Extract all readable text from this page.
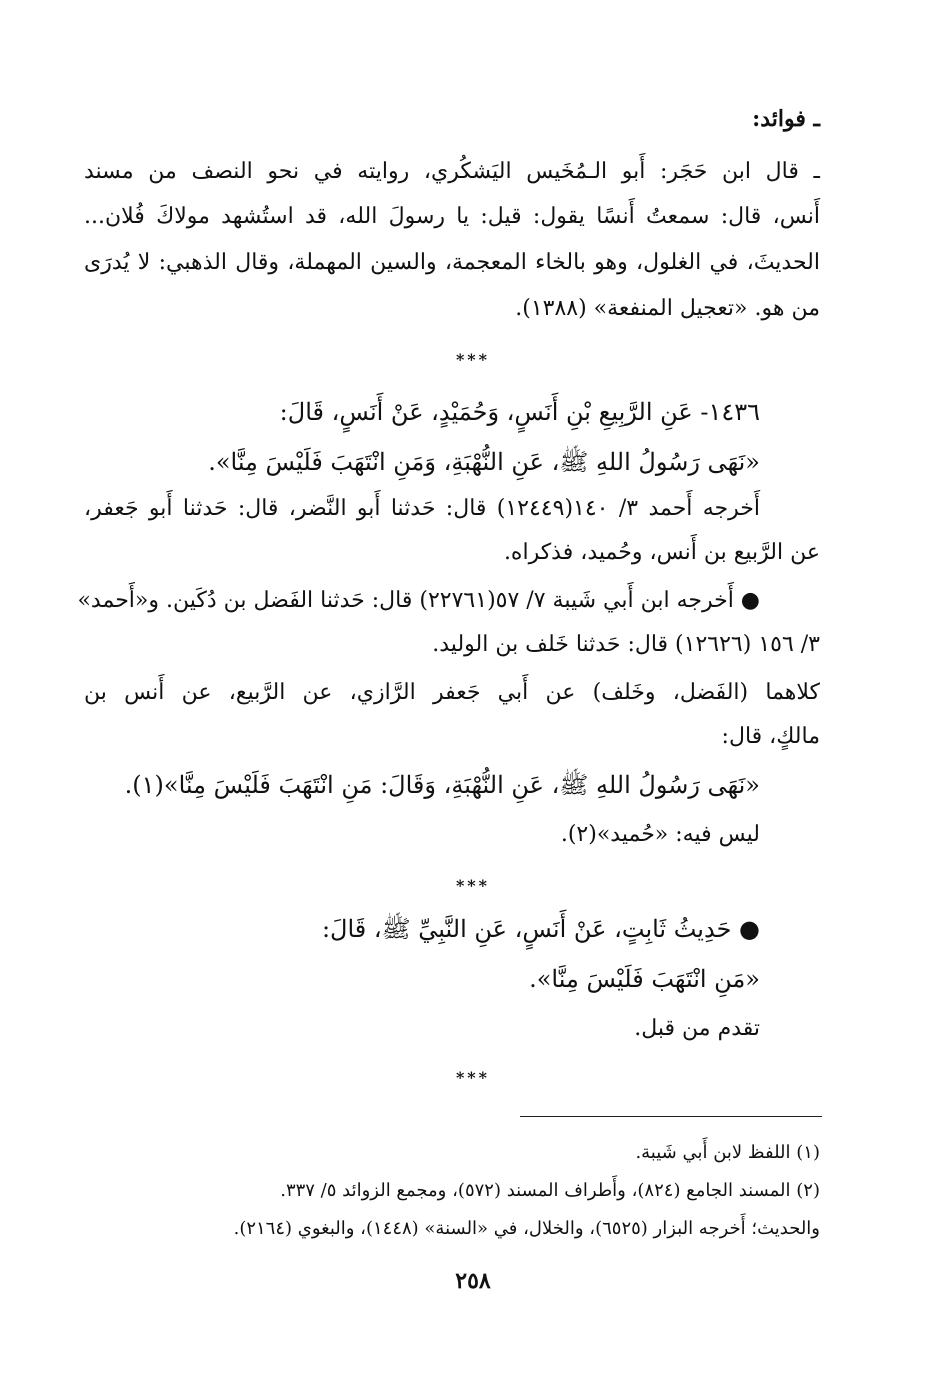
ـ فوائد:
ـ قال ابن حَجَر: أَبو الـمُخَيس اليَشكُري، روايته في نحو النصف من مسند
أَنس، قال: سمعتُ أَنسًا يقول: قيل: يا رسولَ الله، قد استُشهد مولاكَ فُلان...
الحديثَ، في الغلول، وهو بالخاء المعجمة، والسين المهملة، وقال الذهبي: لا يُدرَى
من هو. «تعجيل المنفعة» (١٣٨٨).
***
١٤٣٦- عَنِ الرَّبِيعِ بْنِ أَنَسٍ، وَحُمَيْدٍ، عَنْ أَنَسٍ، قَالَ:
«نَهَى رَسُولُ اللهِ ﷺ، عَنِ النُّهْبَةِ، وَمَنِ انْتَهَبَ فَلَيْسَ مِنَّا».
أَخرجه أَحمد ٣/ ١٤٠(١٢٤٤٩) قال: حَدثنا أَبو النَّضر، قال: حَدثنا أَبو جَعفر،
عن الرَّبيع بن أَنس، وحُميد، فذكراه.
● أَخرجه ابن أَبي شَيبة ٧/ ٥٧(٢٢٧٦١) قال: حَدثنا الفَضل بن دُكَين. و«أَحمد»
٣/ ١٥٦ (١٢٦٢٦) قال: حَدثنا خَلف بن الوليد.
كلاهما (الفَضل، وخَلف) عن أَبي جَعفر الرَّازي، عن الرَّبيع، عن أَنس بن
مالكٍ، قال:
«نَهَى رَسُولُ اللهِ ﷺ، عَنِ النُّهْبَةِ، وَقَالَ: مَنِ انْتَهَبَ فَلَيْسَ مِنَّا»(١).
ليس فيه: «حُميد»(٢).
***
● حَدِيثُ ثَابِتٍ، عَنْ أَنَسٍ، عَنِ النَّبِيِّ ﷺ، قَالَ:
«مَنِ انْتَهَبَ فَلَيْسَ مِنَّا».
تقدم من قبل.
***
(١) اللفظ لابن أَبي شَيبة.
(٢) المسند الجامع (٨٢٤)، وأَطراف المسند (٥٧٢)، ومجمع الزوائد ٥/ ٣٣٧.
والحديث؛ أَخرجه البزار (٦٥٢٥)، والخلال، في «السنة» (١٤٤٨)، والبغوي (٢١٦٤).
٢٥٨
